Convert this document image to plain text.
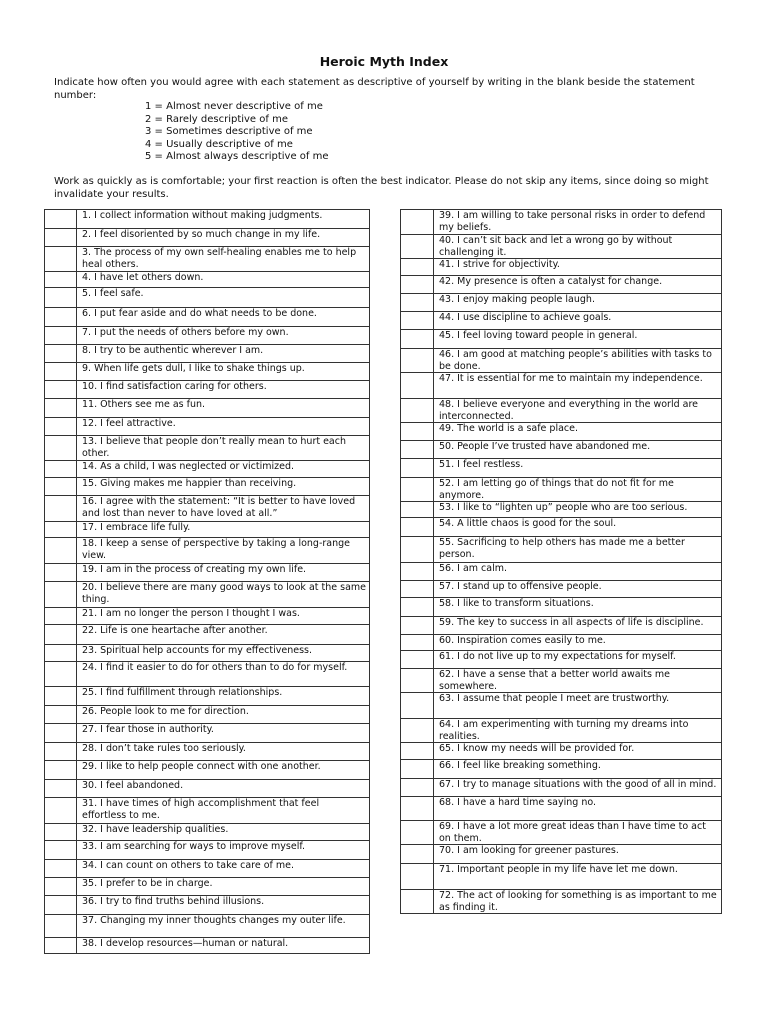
Heroic Myth Index
Indicate how often you would agree with each statement as descriptive of yourself by writing in the blank beside the statement number:
1 = Almost never descriptive of me
2 = Rarely descriptive of me
3 = Sometimes descriptive of me
4 = Usually descriptive of me
5 = Almost always descriptive of me
Work as quickly as is comfortable; your first reaction is often the best indicator. Please do not skip any items, since doing so might invalidate your results.
	1. I collect information without making judgments.
	2. I feel disoriented by so much change in my life.
	3. The process of my own self-healing enables me to help heal others.
	4. I have let others down.
	5. I feel safe.
	6. I put fear aside and do what needs to be done.
	7. I put the needs of others before my own.
	8. I try to be authentic wherever I am.
	9. When life gets dull, I like to shake things up.
	10. I find satisfaction caring for others.
	11. Others see me as fun.
	12. I feel attractive.
	13. I believe that people don’t really mean to hurt each other.
	14. As a child, I was neglected or victimized.
	15. Giving makes me happier than receiving.
	16. I agree with the statement: “It is better to have loved and lost than never to have loved at all.”
	17. I embrace life fully.
	18. I keep a sense of perspective by taking a long-range view.
	19. I am in the process of creating my own life.
	20. I believe there are many good ways to look at the same thing.
	21. I am no longer the person I thought I was.
	22. Life is one heartache after another.
	23. Spiritual help accounts for my effectiveness.
	24. I find it easier to do for others than to do for myself.
	25. I find fulfillment through relationships.
	26. People look to me for direction.
	27. I fear those in authority.
	28. I don’t take rules too seriously.
	29. I like to help people connect with one another.
	30. I feel abandoned.
	31. I have times of high accomplishment that feel effortless to me.
	32. I have leadership qualities.
	33. I am searching for ways to improve myself.
	34. I can count on others to take care of me.
	35. I prefer to be in charge.
	36. I try to find truths behind illusions.
	37. Changing my inner thoughts changes my outer life.
	38. I develop resources—human or natural.
	39. I am willing to take personal risks in order to defend my beliefs.
	40. I can’t sit back and let a wrong go by without challenging it.
	41. I strive for objectivity.
	42. My presence is often a catalyst for change.
	43. I enjoy making people laugh.
	44. I use discipline to achieve goals.
	45. I feel loving toward people in general.
	46. I am good at matching people’s abilities with tasks to be done.
	47. It is essential for me to maintain my independence.
	48. I believe everyone and everything in the world are interconnected.
	49. The world is a safe place.
	50. People I’ve trusted have abandoned me.
	51. I feel restless.
	52. I am letting go of things that do not fit for me anymore.
	53. I like to “lighten up” people who are too serious.
	54. A little chaos is good for the soul.
	55. Sacrificing to help others has made me a better person.
	56. I am calm.
	57. I stand up to offensive people.
	58. I like to transform situations.
	59. The key to success in all aspects of life is discipline.
	60. Inspiration comes easily to me.
	61. I do not live up to my expectations for myself.
	62. I have a sense that a better world awaits me somewhere.
	63. I assume that people I meet are trustworthy.
	64. I am experimenting with turning my dreams into realities.
	65. I know my needs will be provided for.
	66. I feel like breaking something.
	67. I try to manage situations with the good of all in mind.
	68. I have a hard time saying no.
	69. I have a lot more great ideas than I have time to act on them.
	70. I am looking for greener pastures.
	71. Important people in my life have let me down.
	72. The act of looking for something is as important to me as finding it.
